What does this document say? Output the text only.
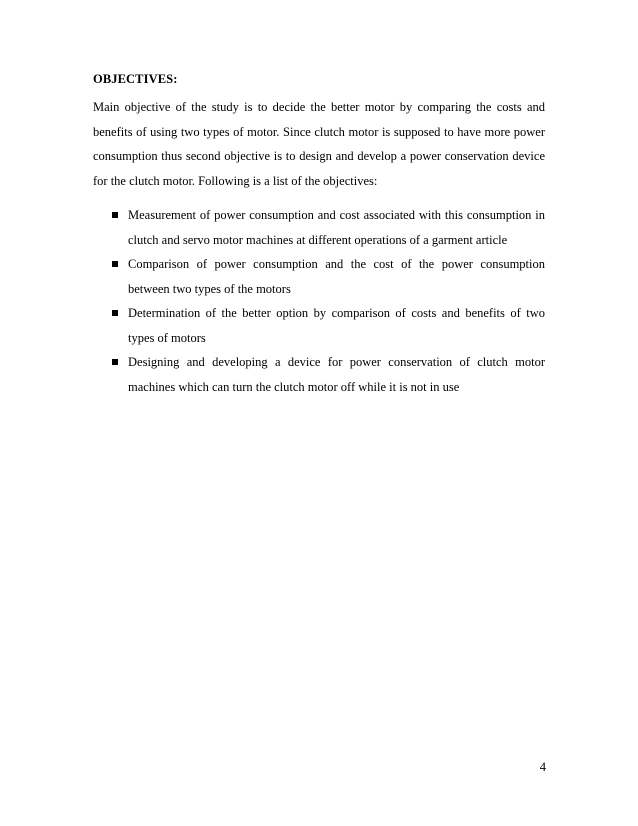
OBJECTIVES:

Main objective of the study is to decide the better motor by comparing the costs and benefits of using two types of motor. Since clutch motor is supposed to have more power consumption thus second objective is to design and develop a power conservation device for the clutch motor. Following is a list of the objectives:

Measurement of power consumption and cost associated with this consumption in clutch and servo motor machines at different operations of a garment article
Comparison of power consumption and the cost of the power consumption between two types of the motors
Determination of the better option by comparison of costs and benefits of two types of motors
Designing and developing a device for power conservation of clutch motor machines which can turn the clutch motor off while it is not in use

4
